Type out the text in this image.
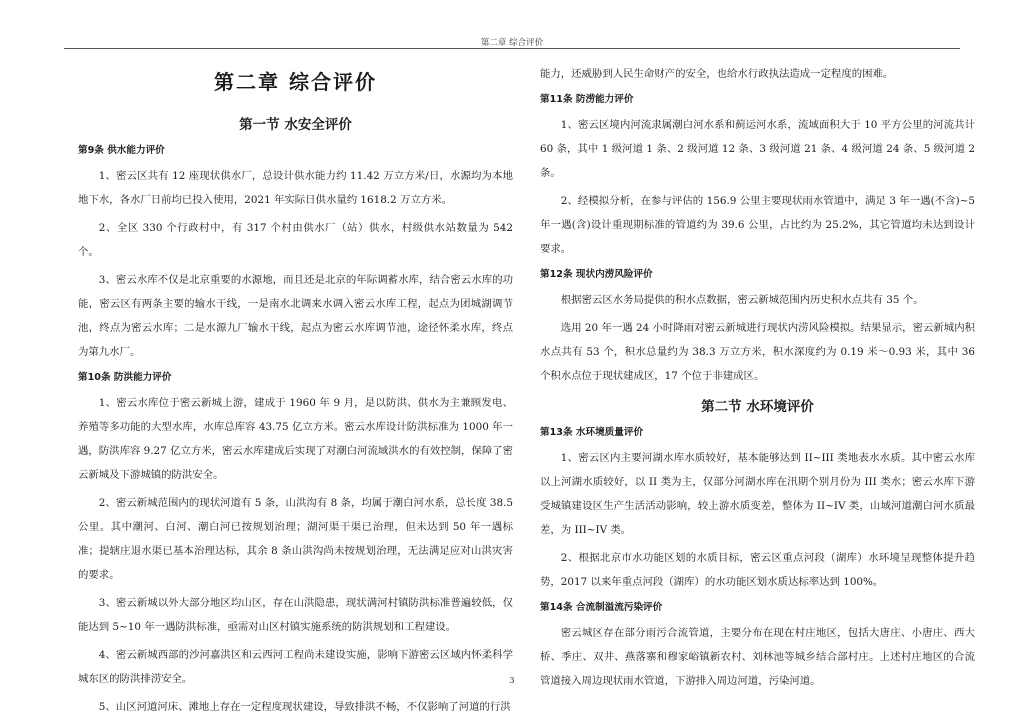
第二章 综合评价
第二章 综合评价
第一节 水安全评价
第9条 供水能力评价

1、密云区共有 12 座现状供水厂，总设计供水能力约 11.42 万立方米/日，水源均为本地地下水，各水厂日前均已投入使用，2021 年实际日供水量约 1618.2 万立方米。

2、全区 330 个行政村中，有 317 个村由供水厂（站）供水，村级供水站数量为 542 个。

3、密云水库不仅是北京重要的水源地，而且还是北京的年际调蓄水库，结合密云水库的功能，密云区有两条主要的输水干线，一是南水北调来水调入密云水库工程，起点为团城湖调节池，终点为密云水库；二是水源九厂输水干线，起点为密云水库调节池，途径怀柔水库，终点为第九水厂。

第10条 防洪能力评价

1、密云水库位于密云新城上游，建成于 1960 年 9 月，是以防洪、供水为主兼顾发电、养殖等多功能的大型水库，水库总库容 43.75 亿立方米。密云水库设计防洪标准为 1000 年一遇，防洪库容 9.27 亿立方米，密云水库建成后实现了对潮白河流域洪水的有效控制，保障了密云新城及下游城镇的防洪安全。

2、密云新城范围内的现状河道有 5 条，山洪沟有 8 条，均属于潮白河水系，总长度 38.5 公里。其中潮河、白河、潮白河已按规划治理；湖河渠干渠已治理，但未达到 50 年一遇标准；提辖庄退水渠已基本治理达标，其余 8 条山洪沟尚未按规划治理，无法满足应对山洪灾害的要求。

3、密云新城以外大部分地区均山区，存在山洪隐患，现状满河村镇防洪标准普遍较低，仅能达到 5~10 年一遇防洪标准，亟需对山区村镇实施系统的防洪规划和工程建设。

4、密云新城西部的沙河嘉洪区和云西河工程尚未建设实施，影响下游密云区域内怀柔科学城东区的防洪排涝安全。

5、山区河道河床、滩地上存在一定程度现状建设，导致排洪不畅，不仅影响了河道的行洪

能力，还威胁到人民生命财产的安全，也给水行政执法造成一定程度的困难。

第11条 防涝能力评价

1、密云区境内河流隶属潮白河水系和蓟运河水系，流域面积大于 10 平方公里的河流共计 60 条，其中 1 级河道 1 条、2 级河道 12 条、3 级河道 21 条、4 级河道 24 条、5 级河道 2 条。

2、经模拟分析，在参与评估的 156.9 公里主要现状雨水管道中，满足 3 年一遇(不含)~5 年一遇(含)设计重现期标准的管道约为 39.6 公里，占比约为 25.2%，其它管道均未达到设计要求。

第12条 现状内涝风险评价

根据密云区水务局提供的积水点数据，密云新城范围内历史积水点共有 35 个。

选用 20 年一遇 24 小时降雨对密云新城进行现状内涝风险模拟。结果显示，密云新城内积水点共有 53 个，积水总量约为 38.3 万立方米，积水深度约为 0.19 米～0.93 米，其中 36 个积水点位于现状建成区，17 个位于非建成区。

第二节 水环境评价
第13条 水环境质量评价

1、密云区内主要河湖水库水质较好，基本能够达到 II~III 类地表水水质。其中密云水库以上河湖水质较好，以 II 类为主，仅部分河湖水库在汛期个别月份为 III 类水；密云水库下游受城镇建设区生产生活活动影响，较上游水质变差，整体为 II~IV 类，山域河道潮白河水质最差，为 III~IV 类。

2、根据北京市水功能区划的水质目标，密云区重点河段（湖库）水环境呈现整体提升趋势，2017 以来年重点河段（湖库）的水功能区划水质达标率达到 100%。

第14条 合流制溢流污染评价

密云城区存在部分雨污合流管道，主要分布在现在村庄地区，包括大唐庄、小唐庄、西大桥、季庄、双井、燕落寨和穆家峪镇新农村、刘林池等城乡结合部村庄。上述村庄地区的合流管道接入周边现状雨水管道，下游排入周边河道，污染河道。

3
